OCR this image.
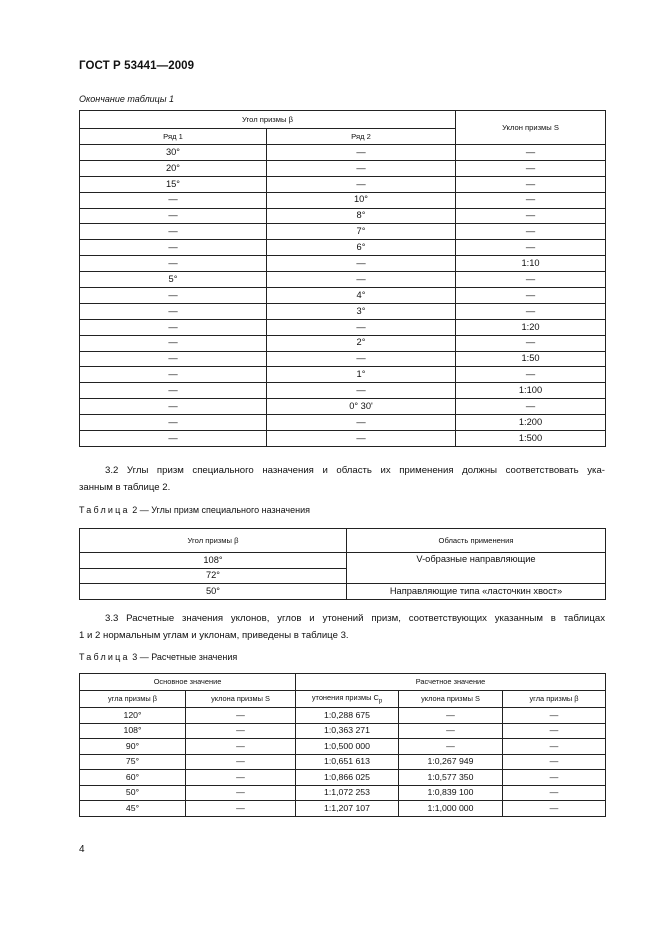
ГОСТ Р 53441—2009
Окончание таблицы 1
Угол призмы β		Уклон призмы S
Ряд 1	Ряд 2	
30°	—	—
20°	—	—
15°	—	—
—	10°	—
—	8°	—
—	7°	—
—	6°	—
—	—	1:10
5°	—	—
—	4°	—
—	3°	—
—	—	1:20
—	2°	—
—	—	1:50
—	1°	—
—	—	1:100
—	0° 30'	—
—	—	1:200
—	—	1:500
3.2 Углы призм специального назначения и область их применения должны соответствовать ука-
занным в таблице 2.
Таблица 2 — Углы призм специального назначения
Угол призмы β	Область применения
108°	V-образные направляющие
72°	
50°	Направляющие типа «ласточкин хвост»
3.3 Расчетные значения уклонов, углов и утонений призм, соответствующих указанным в таблицах
1 и 2 нормальным углам и уклонам, приведены в таблице 3.
Таблица 3 — Расчетные значения
Основное значение		Расчетное значение		
угла призмы β	уклона призмы S	утонения призмы $C_p$	уклона призмы S	угла призмы β
120°	—	1:0,288 675	—	—
108°	—	1:0,363 271	—	—
90°	—	1:0,500 000	—	—
75°	—	1:0,651 613	1:0,267 949	—
60°	—	1:0,866 025	1:0,577 350	—
50°	—	1:1,072 253	1:0,839 100	—
45°	—	1:1,207 107	1:1,000 000	—
4
